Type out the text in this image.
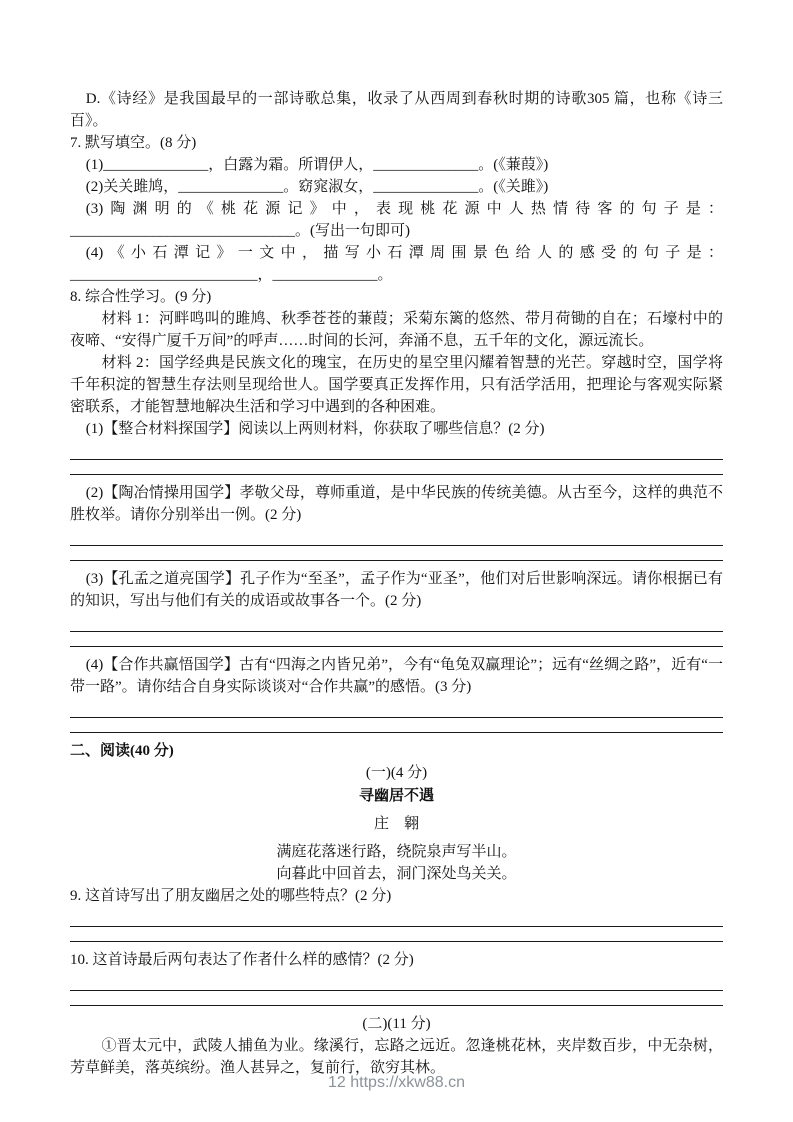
D.《诗经》是我国最早的一部诗歌总集，收录了从西周到春秋时期的诗歌305 篇，也称《诗三百》。

7. 默写填空。(8 分)

(1)______________，白露为霜。所谓伊人，______________。(《蒹葭》)

(2)关关雎鸠，______________。窈窕淑女，______________。(《关雎》)

(3)陶渊明的《桃花源记》中，表现桃花源中人热情待客的句子是：______________________________。(写出一句即可)

(4)《小石潭记》一文中，描写小石潭周围景色给人的感受的句子是：_________________________，______________。

8. 综合性学习。(9 分)

材料 1：河畔鸣叫的雎鸠、秋季苍苍的蒹葭；采菊东篱的悠然、带月荷锄的自在；石壕村中的夜啼、“安得广厦千万间”的呼声……时间的长河，奔涌不息，五千年的文化，源远流长。

材料 2：国学经典是民族文化的瑰宝，在历史的星空里闪耀着智慧的光芒。穿越时空，国学将千年积淀的智慧生存法则呈现给世人。国学要真正发挥作用，只有活学活用，把理论与客观实际紧密联系，才能智慧地解决生活和学习中遇到的各种困难。

(1)【整合材料探国学】阅读以上两则材料，你获取了哪些信息？(2 分)

(2)【陶冶情操用国学】孝敬父母，尊师重道，是中华民族的传统美德。从古至今，这样的典范不胜枚举。请你分别举出一例。(2 分)

(3)【孔孟之道亮国学】孔子作为“至圣”，孟子作为“亚圣”，他们对后世影响深远。请你根据已有的知识，写出与他们有关的成语或故事各一个。(2 分)

(4)【合作共赢悟国学】古有“四海之内皆兄弟”，今有“龟兔双赢理论”；远有“丝绸之路”，近有“一带一路”。请你结合自身实际谈谈对“合作共赢”的感悟。(3 分)

二、阅读(40 分)

(一)(4 分)

寻幽居不遇

庄　翱

满庭花落迷行路，绕院泉声写半山。

向暮此中回首去，洞门深处鸟关关。

9. 这首诗写出了朋友幽居之处的哪些特点？(2 分)

10. 这首诗最后两句表达了作者什么样的感情？(2 分)

(二)(11 分)

①晋太元中，武陵人捕鱼为业。缘溪行，忘路之远近。忽逢桃花林，夹岸数百步，中无杂树，芳草鲜美，落英缤纷。渔人甚异之，复前行，欲穷其林。

12 https://xkw88.cn
